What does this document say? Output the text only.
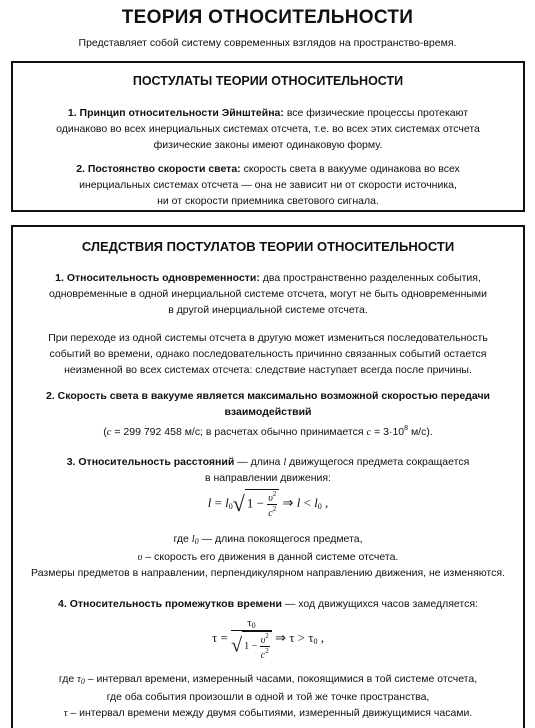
ТЕОРИЯ ОТНОСИТЕЛЬНОСТИ
Представляет собой систему современных взглядов на пространство-время.
ПОСТУЛАТЫ ТЕОРИИ ОТНОСИТЕЛЬНОСТИ
1. Принцип относительности Эйнштейна: все физические процессы протекают
одинаково во всех инерциальных системах отсчета, т.е. во всех этих системах отсчета
физические законы имеют одинаковую форму.
2. Постоянство скорости света: скорость света в вакууме одинакова во всех
инерциальных системах отсчета — она не зависит ни от скорости источника,
ни от скорости приемника светового сигнала.
СЛЕДСТВИЯ ПОСТУЛАТОВ ТЕОРИИ ОТНОСИТЕЛЬНОСТИ
1. Относительность одновременности: два пространственно разделенных события,
одновременные в одной инерциальной системе отсчета, могут не быть одновременными
в другой инерциальной системе отсчета.
При переходе из одной системы отсчета в другую может измениться последовательность
событий во времени, однако последовательность причинно связанных событий остается
неизменной во всех системах отсчета: следствие наступает всегда после причины.
2. Скорость света в вакууме является максимально возможной скоростью передачи
взаимодействий
(c = 299 792 458 м/с; в расчетах обычно принимается $c = 3\cdot 10^8$ м/с).
3. Относительность расстояний — длина l движущегося предмета сокращается
в направлении движения:
$l = l_0√$ $1 - \frac{\upsilon^2}{c^2}$ ⇒ $l < l_0$ ,
где $l_0$ — длина покоящегося предмета,
υ – скорость его движения в данной системе отсчета.
Размеры предметов в направлении, перпендикулярном направлению движения, не изменяются.
4. Относительность промежутков времени — ход движущихся часов замедляется:
$\tau = \frac{\tau_0}{√ 1 - \frac{\upsilon^2}{c^2}}$ ⇒ $\tau > \tau_0$ ,
где $\tau_0$ – интервал времени, измеренный часами, покоящимися в той системе отсчета,
где оба события произошли в одной и той же точке пространства,
τ – интервал времени между двумя событиями, измеренный движущимися часами.
